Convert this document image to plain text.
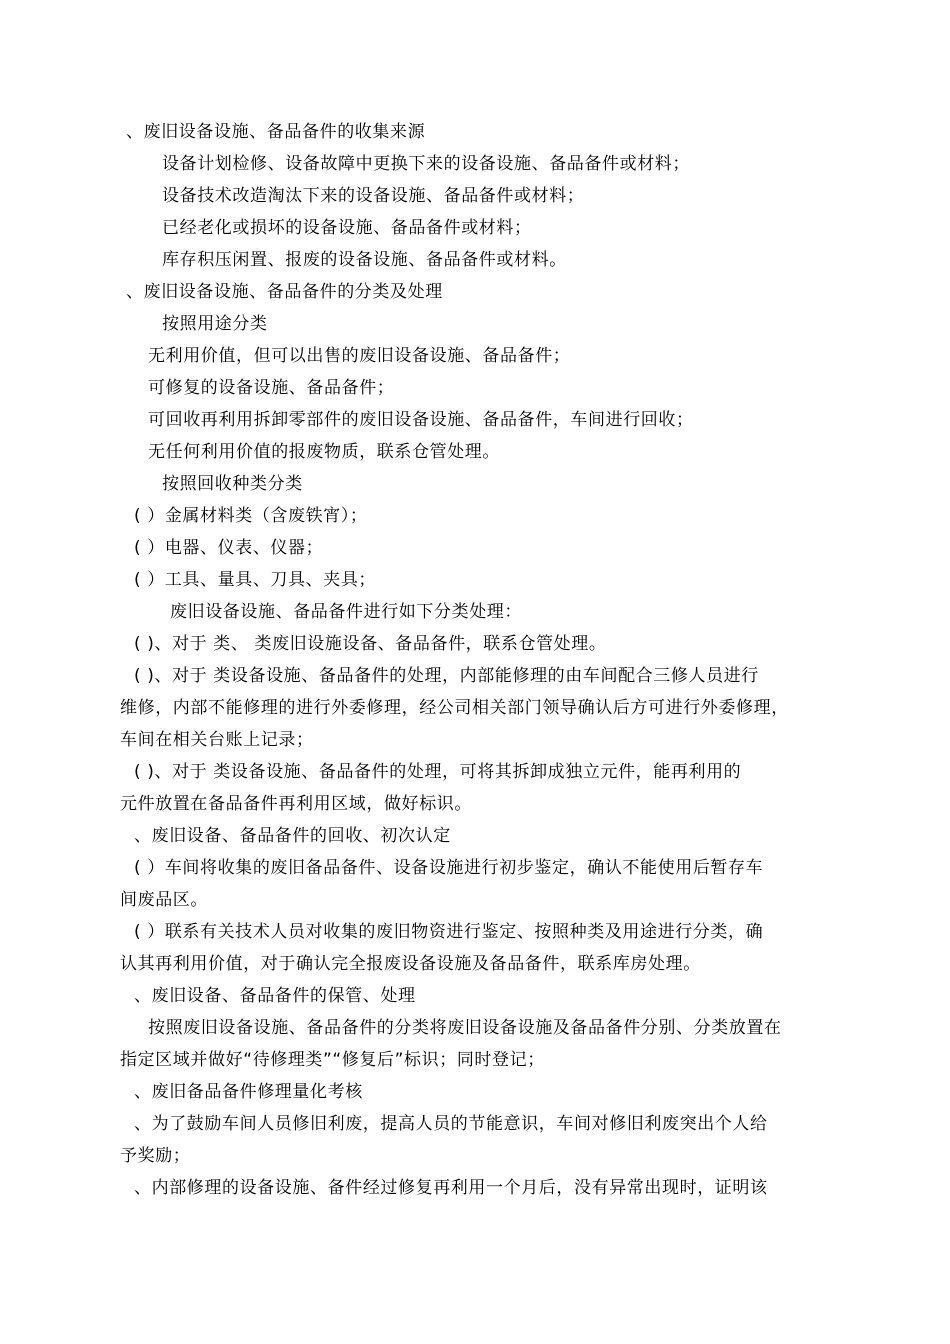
、废旧设备设施、备品备件的收集来源
设备计划检修、设备故障中更换下来的设备设施、备品备件或材料；
设备技术改造淘汰下来的设备设施、备品备件或材料；
已经老化或损坏的设备设施、备品备件或材料；
库存积压闲置、报废的设备设施、备品备件或材料。
、废旧设备设施、备品备件的分类及处理
按照用途分类
无利用价值，但可以出售的废旧设备设施、备品备件；
可修复的设备设施、备品备件；
可回收再利用拆卸零部件的废旧设备设施、备品备件，车间进行回收；
无任何利用价值的报废物质，联系仓管处理。
按照回收种类分类
( ）金属材料类（含废铁宵）；
( ）电器、仪表、仪器；
( ）工具、量具、刀具、夹具；
废旧设备设施、备品备件进行如下分类处理：
( )、对于 类、 类废旧设施设备、备品备件，联系仓管处理。
( )、对于 类设备设施、备品备件的处理，内部能修理的由车间配合三修人员进行
维修，内部不能修理的进行外委修理，经公司相关部门领导确认后方可进行外委修理，
车间在相关台账上记录；
( )、对于 类设备设施、备品备件的处理，可将其拆卸成独立元件，能再利用的
元件放置在备品备件再利用区域，做好标识。
、废旧设备、备品备件的回收、初次认定
( ）车间将收集的废旧备品备件、设备设施进行初步鉴定，确认不能使用后暂存车
间废品区。
( ）联系有关技术人员对收集的废旧物资进行鉴定、按照种类及用途进行分类，确
认其再利用价值，对于确认完全报废设备设施及备品备件，联系库房处理。
、废旧设备、备品备件的保管、处理
按照废旧设备设施、备品备件的分类将废旧设备设施及备品备件分别、分类放置在
指定区域并做好“待修理类”“修复后”标识；同时登记；
、废旧备品备件修理量化考核
、为了鼓励车间人员修旧利废，提高人员的节能意识，车间对修旧利废突出个人给
予奖励；
、内部修理的设备设施、备件经过修复再利用一个月后，没有异常出现时，证明该
